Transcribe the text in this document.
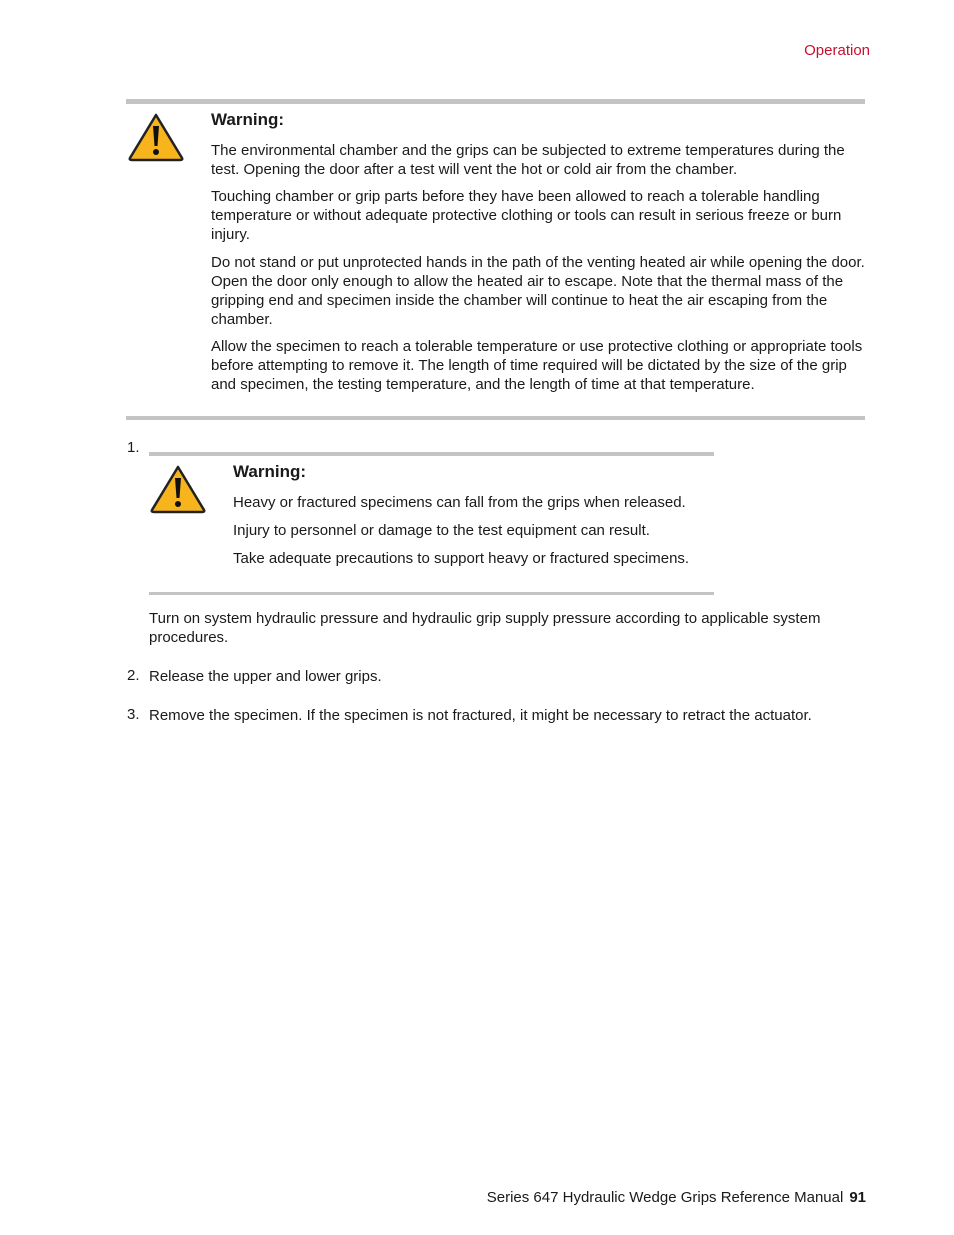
Operation
Warning:

The environmental chamber and the grips can be subjected to extreme temperatures during the test. Opening the door after a test will vent the hot or cold air from the chamber.

Touching chamber or grip parts before they have been allowed to reach a tolerable handling temperature or without adequate protective clothing or tools can result in serious freeze or burn injury.

Do not stand or put unprotected hands in the path of the venting heated air while opening the door. Open the door only enough to allow the heated air to escape. Note that the thermal mass of the gripping end and specimen inside the chamber will continue to heat the air escaping from the chamber.

Allow the specimen to reach a tolerable temperature or use protective clothing or appropriate tools before attempting to remove it. The length of time required will be dictated by the size of the grip and specimen, the testing temperature, and the length of time at that temperature.

1.
Warning:

Heavy or fractured specimens can fall from the grips when released.

Injury to personnel or damage to the test equipment can result.

Take adequate precautions to support heavy or fractured specimens.

Turn on system hydraulic pressure and hydraulic grip supply pressure according to applicable system procedures.

2. Release the upper and lower grips.

3. Remove the specimen. If the specimen is not fractured, it might be necessary to retract the actuator.

Series 647 Hydraulic Wedge Grips Reference Manual 91
